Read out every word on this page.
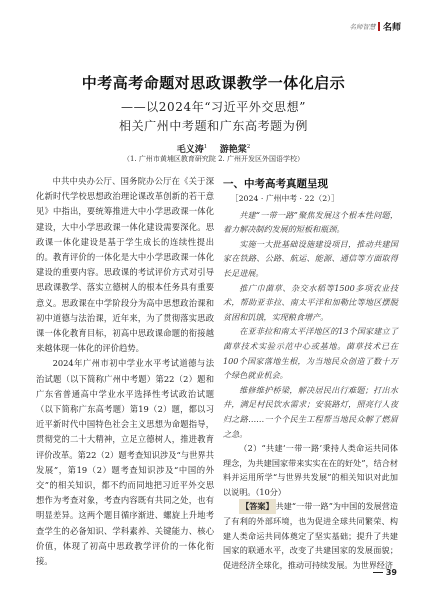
名师智慧 名师
中考高考命题对思政课教学一体化启示
——以2024年“习近平外交思想”
相关广州中考题和广东高考题为例
毛义涛$^1$ 游艳棠$^2$
（1. 广州市黄埔区教育研究院 2. 广州开发区外国语学校）

中共中央办公厅、国务院办公厅在《关于深化新时代学校思想政治理论课改革创新的若干意见》中指出，要统筹推进大中小学思政课一体化建设，大中小学思政课一体化建设需要深化。思政课一体化建设是基于学生成长的连续性提出的。教育评价的一体化是大中小学思政课一体化建设的重要内容。思政课的考试评价方式对引导思政课教学、落实立德树人的根本任务具有重要意义。思政课在中学阶段分为高中思想政治课和初中道德与法治课，近年来，为了贯彻落实思政课一体化教育目标，初高中思政课命题的衔接越来越体现一体化的评价趋势。

2024年广州市初中学业水平考试道德与法治试题（以下简称广州中考题）第22（2）题和广东省普通高中学业水平选择性考试政治试题（以下简称广东高考题）第19（2）题，都以习近平新时代中国特色社会主义思想为命题指导，贯彻党的二十大精神，立足立德树人，推进教育评价改革。第22（2）题考查知识涉及“与世界共发展”，第19（2）题考查知识涉及“中国的外交”的相关知识，都不约而同地把习近平外交思想作为考查对象，考查内容既有共同之处，也有明显差异。这两个题目循序渐进、螺旋上升地考查学生的必备知识、学科素养、关键能力、核心价值，体现了初高中思政教学评价的一体化衔接。

一、中考高考真题呈现
［2024 · 广州中考 · 22（2）］

共建“一带一路”聚焦发展这个根本性问题，着力解决制约发展的短板和瓶颈。

实施一大批基础设施建设项目，推动共建国家在铁路、公路、航运、能源、通信等方面取得长足进展。

推广巾菌草、杂交水稻等1500多项农业技术，帮助亚非拉、南太平洋和加勒比等地区摆脱贫困和饥饿，实现粮食增产。

在亚非拉和南太平洋地区的13个国家建立了菌草技术实验示范中心或基地。菌草技术已在100个国家落地生根，为当地民众创造了数十万个绿色就业机会。

维修维护桥梁，解决居民出行难题；打出水井，满足村民饮水需求；安装路灯，照亮行人夜归之路……一个个民生工程帮当地民众解了燃眉之急。

（2）“共建‘一带一路’秉持人类命运共同体理念，为共建国家带来实实在在的好处”，结合材料并运用所学“与世界共发展”的相关知识对此加以说明。（10分）

【答案】 共建“一带一路”为中国的发展营造了有利的外部环境，也为促进全球共同繁荣、构建人类命运共同体奠定了坚实基础；提升了共建国家的联通水平，改变了共建国家的发展面貌；促进经济全球化，推动可持续发展。为世界经济

39
